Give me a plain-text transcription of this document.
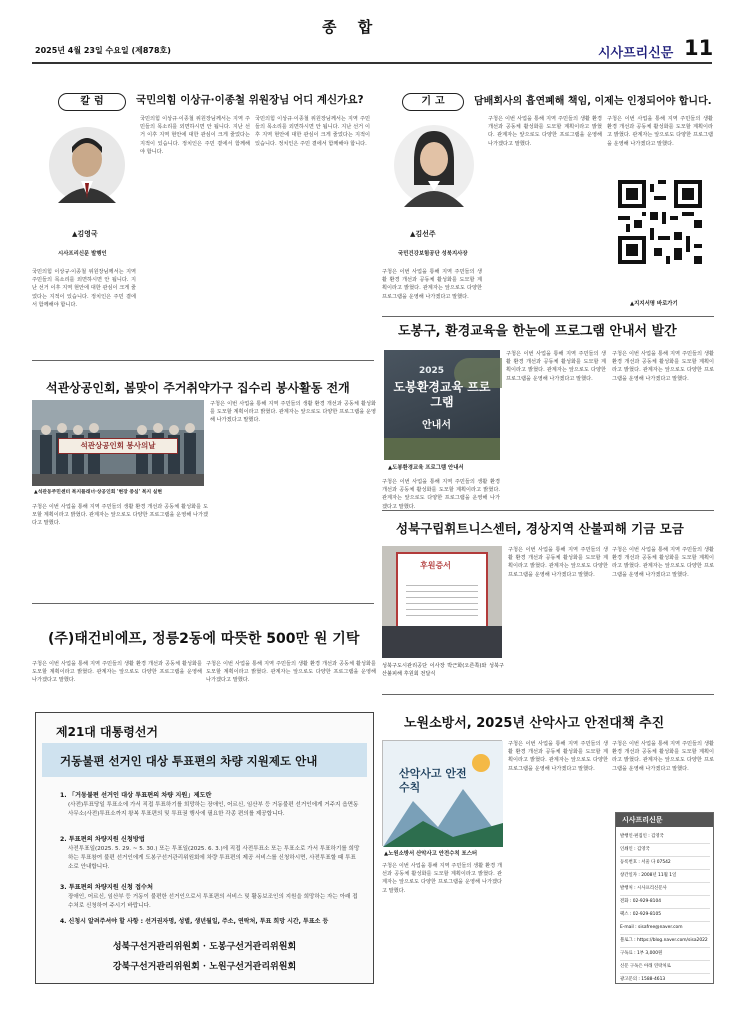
종 합
2025년 4월 23일 수요일 (제878호)	시사프리신문 11
칼럼	국민의힘 이상규·이종철 위원장님 어디 계신가요?
▲김영국
시사프리신문 발행인
국민의힘 이상규·이종철 위원장님께서는 지역 주민들의 목소리를 외면하시면 안 됩니다. 지난 선거 이후 지역 현안에 대한 관심이 크게 줄었다는 지적이 있습니다. 정치인은 주민 곁에서 함께해야 합니다.
국민의힘 이상규·이종철 위원장님께서는 지역 주민들의 목소리를 외면하시면 안 됩니다. 지난 선거 이후 지역 현안에 대한 관심이 크게 줄었다는 지적이 있습니다. 정치인은 주민 곁에서 함께해야 합니다.
국민의힘 이상규·이종철 위원장님께서는 지역 주민들의 목소리를 외면하시면 안 됩니다. 지난 선거 이후 지역 현안에 대한 관심이 크게 줄었다는 지적이 있습니다. 정치인은 주민 곁에서 함께해야 합니다.
기고	담배회사의 흡연폐해 책임, 이제는 인정되어야 합니다.
▲김선주
국민건강보험공단 성북지사장
구청은 이번 사업을 통해 지역 주민들의 생활 환경 개선과 공동체 활성화를 도모할 계획이라고 밝혔다. 관계자는 앞으로도 다양한 프로그램을 운영해 나가겠다고 말했다.
구청은 이번 사업을 통해 지역 주민들의 생활 환경 개선과 공동체 활성화를 도모할 계획이라고 밝혔다. 관계자는 앞으로도 다양한 프로그램을 운영해 나가겠다고 말했다.
구청은 이번 사업을 통해 지역 주민들의 생활 환경 개선과 공동체 활성화를 도모할 계획이라고 밝혔다. 관계자는 앞으로도 다양한 프로그램을 운영해 나가겠다고 말했다.
▲지지서명 바로가기
도봉구, 환경교육을 한눈에 프로그램 안내서 발간
2025
도봉환경교육 프로그램
안내서
▲도봉환경교육 프로그램 안내서
구청은 이번 사업을 통해 지역 주민들의 생활 환경 개선과 공동체 활성화를 도모할 계획이라고 밝혔다. 관계자는 앞으로도 다양한 프로그램을 운영해 나가겠다고 말했다.
구청은 이번 사업을 통해 지역 주민들의 생활 환경 개선과 공동체 활성화를 도모할 계획이라고 밝혔다. 관계자는 앞으로도 다양한 프로그램을 운영해 나가겠다고 말했다.
구청은 이번 사업을 통해 지역 주민들의 생활 환경 개선과 공동체 활성화를 도모할 계획이라고 밝혔다. 관계자는 앞으로도 다양한 프로그램을 운영해 나가겠다고 말했다.
석관상공인회, 봄맞이 주거취약가구 집수리 봉사활동 전개
석관상공인회 봉사의날
▲석관동주민센터 복지플래너·상공인회 '현장 중심' 복지 실현
구청은 이번 사업을 통해 지역 주민들의 생활 환경 개선과 공동체 활성화를 도모할 계획이라고 밝혔다. 관계자는 앞으로도 다양한 프로그램을 운영해 나가겠다고 말했다.
구청은 이번 사업을 통해 지역 주민들의 생활 환경 개선과 공동체 활성화를 도모할 계획이라고 밝혔다. 관계자는 앞으로도 다양한 프로그램을 운영해 나가겠다고 말했다.
성북구립휘트니스센터, 경상지역 산불피해 기금 모금
후원증서
성북구도시관리공단 이사장 박근화(오른쪽)와 성북구 산불피해 후원회 전달식
구청은 이번 사업을 통해 지역 주민들의 생활 환경 개선과 공동체 활성화를 도모할 계획이라고 밝혔다. 관계자는 앞으로도 다양한 프로그램을 운영해 나가겠다고 말했다.
구청은 이번 사업을 통해 지역 주민들의 생활 환경 개선과 공동체 활성화를 도모할 계획이라고 밝혔다. 관계자는 앞으로도 다양한 프로그램을 운영해 나가겠다고 말했다.
(주)태건비에프, 정릉2동에 따뜻한 500만 원 기탁
구청은 이번 사업을 통해 지역 주민들의 생활 환경 개선과 공동체 활성화를 도모할 계획이라고 밝혔다. 관계자는 앞으로도 다양한 프로그램을 운영해 나가겠다고 말했다.
구청은 이번 사업을 통해 지역 주민들의 생활 환경 개선과 공동체 활성화를 도모할 계획이라고 밝혔다. 관계자는 앞으로도 다양한 프로그램을 운영해 나가겠다고 말했다.
제21대 대통령선거
거동불편 선거인 대상 투표편의 차량 지원제도 안내
1. 「거동불편 선거인 대상 투표편의 차량 지원」제도란
(사전)투표당일 투표소에 가서 직접 투표하기를 희망하는 장애인, 어르신, 임산부 등 거동불편 선거인에게 거주지 읍면동 사무소(사전)투표소까지 왕복 투표편의 및 투표권 행사에 필요한 각종 편의를 제공합니다.
2. 투표편의 차량지원 신청방법
사전투표일(2025. 5. 29. ~ 5. 30.) 또는 투표일(2025. 6. 3.)에 직접 사전투표소 또는 투표소로 가서 투표하기를 희망하는 투표참여 불편 선거인에게 도봉구선거관리위원회에 차량 투표편의 제공 서비스를 신청하시면, 사전투표할 때 투표소로 안내합니다.
3. 투표편의 차량지원 신청 접수처
장애인, 어르신, 임산부 등 거동이 불편한 선거인으로서 투표편의 서비스 및 활동보조인의 지원을 희망하는 자는 아래 접수처로 신청하여 주시기 바랍니다.
4. 신청시 알려주셔야 할 사항 : 선거권자명, 성별, 생년월일, 주소, 연락처, 투표 희망 시간, 투표소 등
성북구선거관리위원회 · 도봉구선거관리위원회
강북구선거관리위원회 · 노원구선거관리위원회
노원소방서, 2025년 산악사고 안전대책 추진
산악사고 안전수칙
▲노원소방서 산악사고 안전수칙 포스터
구청은 이번 사업을 통해 지역 주민들의 생활 환경 개선과 공동체 활성화를 도모할 계획이라고 밝혔다. 관계자는 앞으로도 다양한 프로그램을 운영해 나가겠다고 말했다.
구청은 이번 사업을 통해 지역 주민들의 생활 환경 개선과 공동체 활성화를 도모할 계획이라고 밝혔다. 관계자는 앞으로도 다양한 프로그램을 운영해 나가겠다고 말했다.
구청은 이번 사업을 통해 지역 주민들의 생활 환경 개선과 공동체 활성화를 도모할 계획이라고 밝혔다. 관계자는 앞으로도 다양한 프로그램을 운영해 나가겠다고 말했다.
시사프리신문
발행인·편집인 : 김영국
인쇄인 : 김영국
등록번호 : 서울 다 07542
창간일자 : 2008년 11월 1일
발행처 : 시사프리신문사
전화 : 02-929-8104
팩스 : 02-929-8105
E-mail : sisafree@naver.com
블로그 : https://blog.naver.com/sisa2022
구독료 : 1부 3,000원
신문 구독은 아래 연락처로
광고문의 : 1588-4613
